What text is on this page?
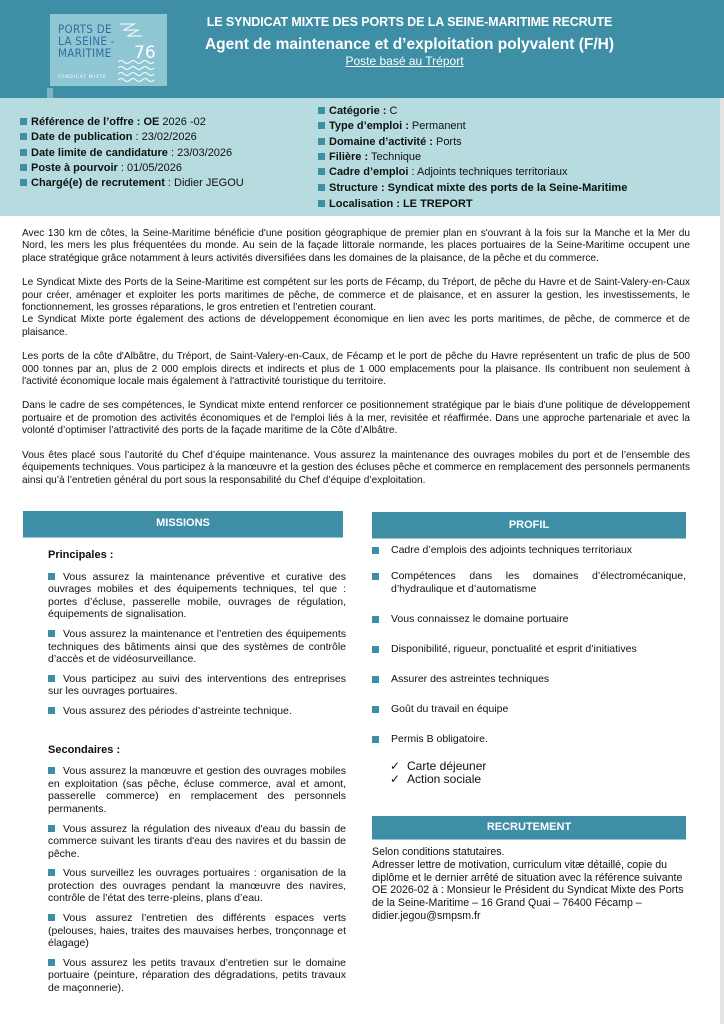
PORTS DE
LA SEINE -
MARITIME
SYNDICAT MIXTE
76
LE SYNDICAT MIXTE DES PORTS DE LA SEINE-MARITIME RECRUTE
Agent de maintenance et d’exploitation polyvalent (F/H)
Poste basé au Tréport
Référence de l’offre : OE 2026 -02
Date de publication : 23/02/2026
Date limite de candidature : 23/03/2026
Poste à pourvoir : 01/05/2026
Chargé(e) de recrutement : Didier JEGOU
Catégorie : C
Type d’emploi : Permanent
Domaine d’activité : Ports
Filière : Technique
Cadre d’emploi : Adjoints techniques territoriaux
Structure : Syndicat mixte des ports de la Seine-Maritime
Localisation : LE TREPORT

Avec 130 km de côtes, la Seine-Maritime bénéficie d'une position géographique de premier plan en s'ouvrant à la fois sur la Manche et la Mer du Nord, les mers les plus fréquentées du monde. Au sein de la façade littorale normande, les places portuaires de la Seine-Maritime occupent une place stratégique grâce notamment à leurs activités diversifiées dans les domaines de la plaisance, de la pêche et du commerce.

Le Syndicat Mixte des Ports de la Seine-Maritime est compétent sur les ports de Fécamp, du Tréport, de pêche du Havre et de Saint-Valery-en-Caux pour créer, aménager et exploiter les ports maritimes de pêche, de commerce et de plaisance, et en assurer la gestion, les investissements, le fonctionnement, les grosses réparations, le gros entretien et l’entretien courant.

Le Syndicat Mixte porte également des actions de développement économique en lien avec les ports maritimes, de pêche, de commerce et de plaisance.

Les ports de la côte d'Albâtre, du Tréport, de Saint-Valery-en-Caux, de Fécamp et le port de pêche du Havre représentent un trafic de plus de 500 000 tonnes par an, plus de 2 000 emplois directs et indirects et plus de 1 000 emplacements pour la plaisance. Ils contribuent non seulement à l'activité économique locale mais également à l'attractivité touristique du territoire.

Dans le cadre de ses compétences, le Syndicat mixte entend renforcer ce positionnement stratégique par le biais d'une politique de développement portuaire et de promotion des activités économiques et de l'emploi liés à la mer, revisitée et réaffirmée. Dans une approche partenariale et avec la volonté d’optimiser l’attractivité des ports de la façade maritime de la Côte d’Albâtre.

Vous êtes placé sous l’autorité du Chef d’équipe maintenance. Vous assurez la maintenance des ouvrages mobiles du port et de l’ensemble des équipements techniques. Vous participez à la manœuvre et la gestion des écluses pêche et commerce en remplacement des personnels permanents ainsi qu’à l’entretien général du port sous la responsabilité du Chef d’équipe d’exploitation.

MISSIONS	PROFIL
RECRUTEMENT
Principales :

Vous assurez la maintenance préventive et curative des ouvrages mobiles et des équipements techniques, tel que : portes d’écluse, passerelle mobile, ouvrages de régulation, équipements de signalisation.

Vous assurez la maintenance et l’entretien des équipements techniques des bâtiments ainsi que des systèmes de contrôle d’accès et de vidéosurveillance.

Vous participez au suivi des interventions des entreprises sur les ouvrages portuaires.

Vous assurez des périodes d’astreinte technique.

Secondaires :

Vous assurez la manœuvre et gestion des ouvrages mobiles en exploitation (sas pêche, écluse commerce, aval et amont, passerelle commerce) en remplacement des personnels permanents.

Vous assurez la régulation des niveaux d'eau du bassin de commerce suivant les tirants d'eau des navires et du bassin de pêche.

Vous surveillez les ouvrages portuaires : organisation de la protection des ouvrages pendant la manœuvre des navires, contrôle de l’état des terre-pleins, plans d’eau.

Vous assurez l’entretien des différents espaces verts (pelouses, haies, traites des mauvaises herbes, tronçonnage et élagage)

Vous assurez les petits travaux d’entretien sur le domaine portuaire (peinture, réparation des dégradations, petits travaux de maçonnerie).

Cadre d’emplois des adjoints techniques territoriaux
Compétences dans les domaines d’électromécanique, d’hydraulique et d’automatisme
Vous connaissez le domaine portuaire
Disponibilité, rigueur, ponctualité et esprit d’initiatives
Assurer des astreintes techniques
Goût du travail en équipe
Permis B obligatoire.
✓ Carte déjeuner
✓ Action sociale
Selon conditions statutaires.
Adresser lettre de motivation, curriculum vitæ détaillé, copie du diplôme et le dernier arrêté de situation avec la référence suivante OE 2026-02 à : Monsieur le Président du Syndicat Mixte des Ports de la Seine-Maritime – 16 Grand Quai – 76400 Fécamp – didier.jegou@smpsm.fr
